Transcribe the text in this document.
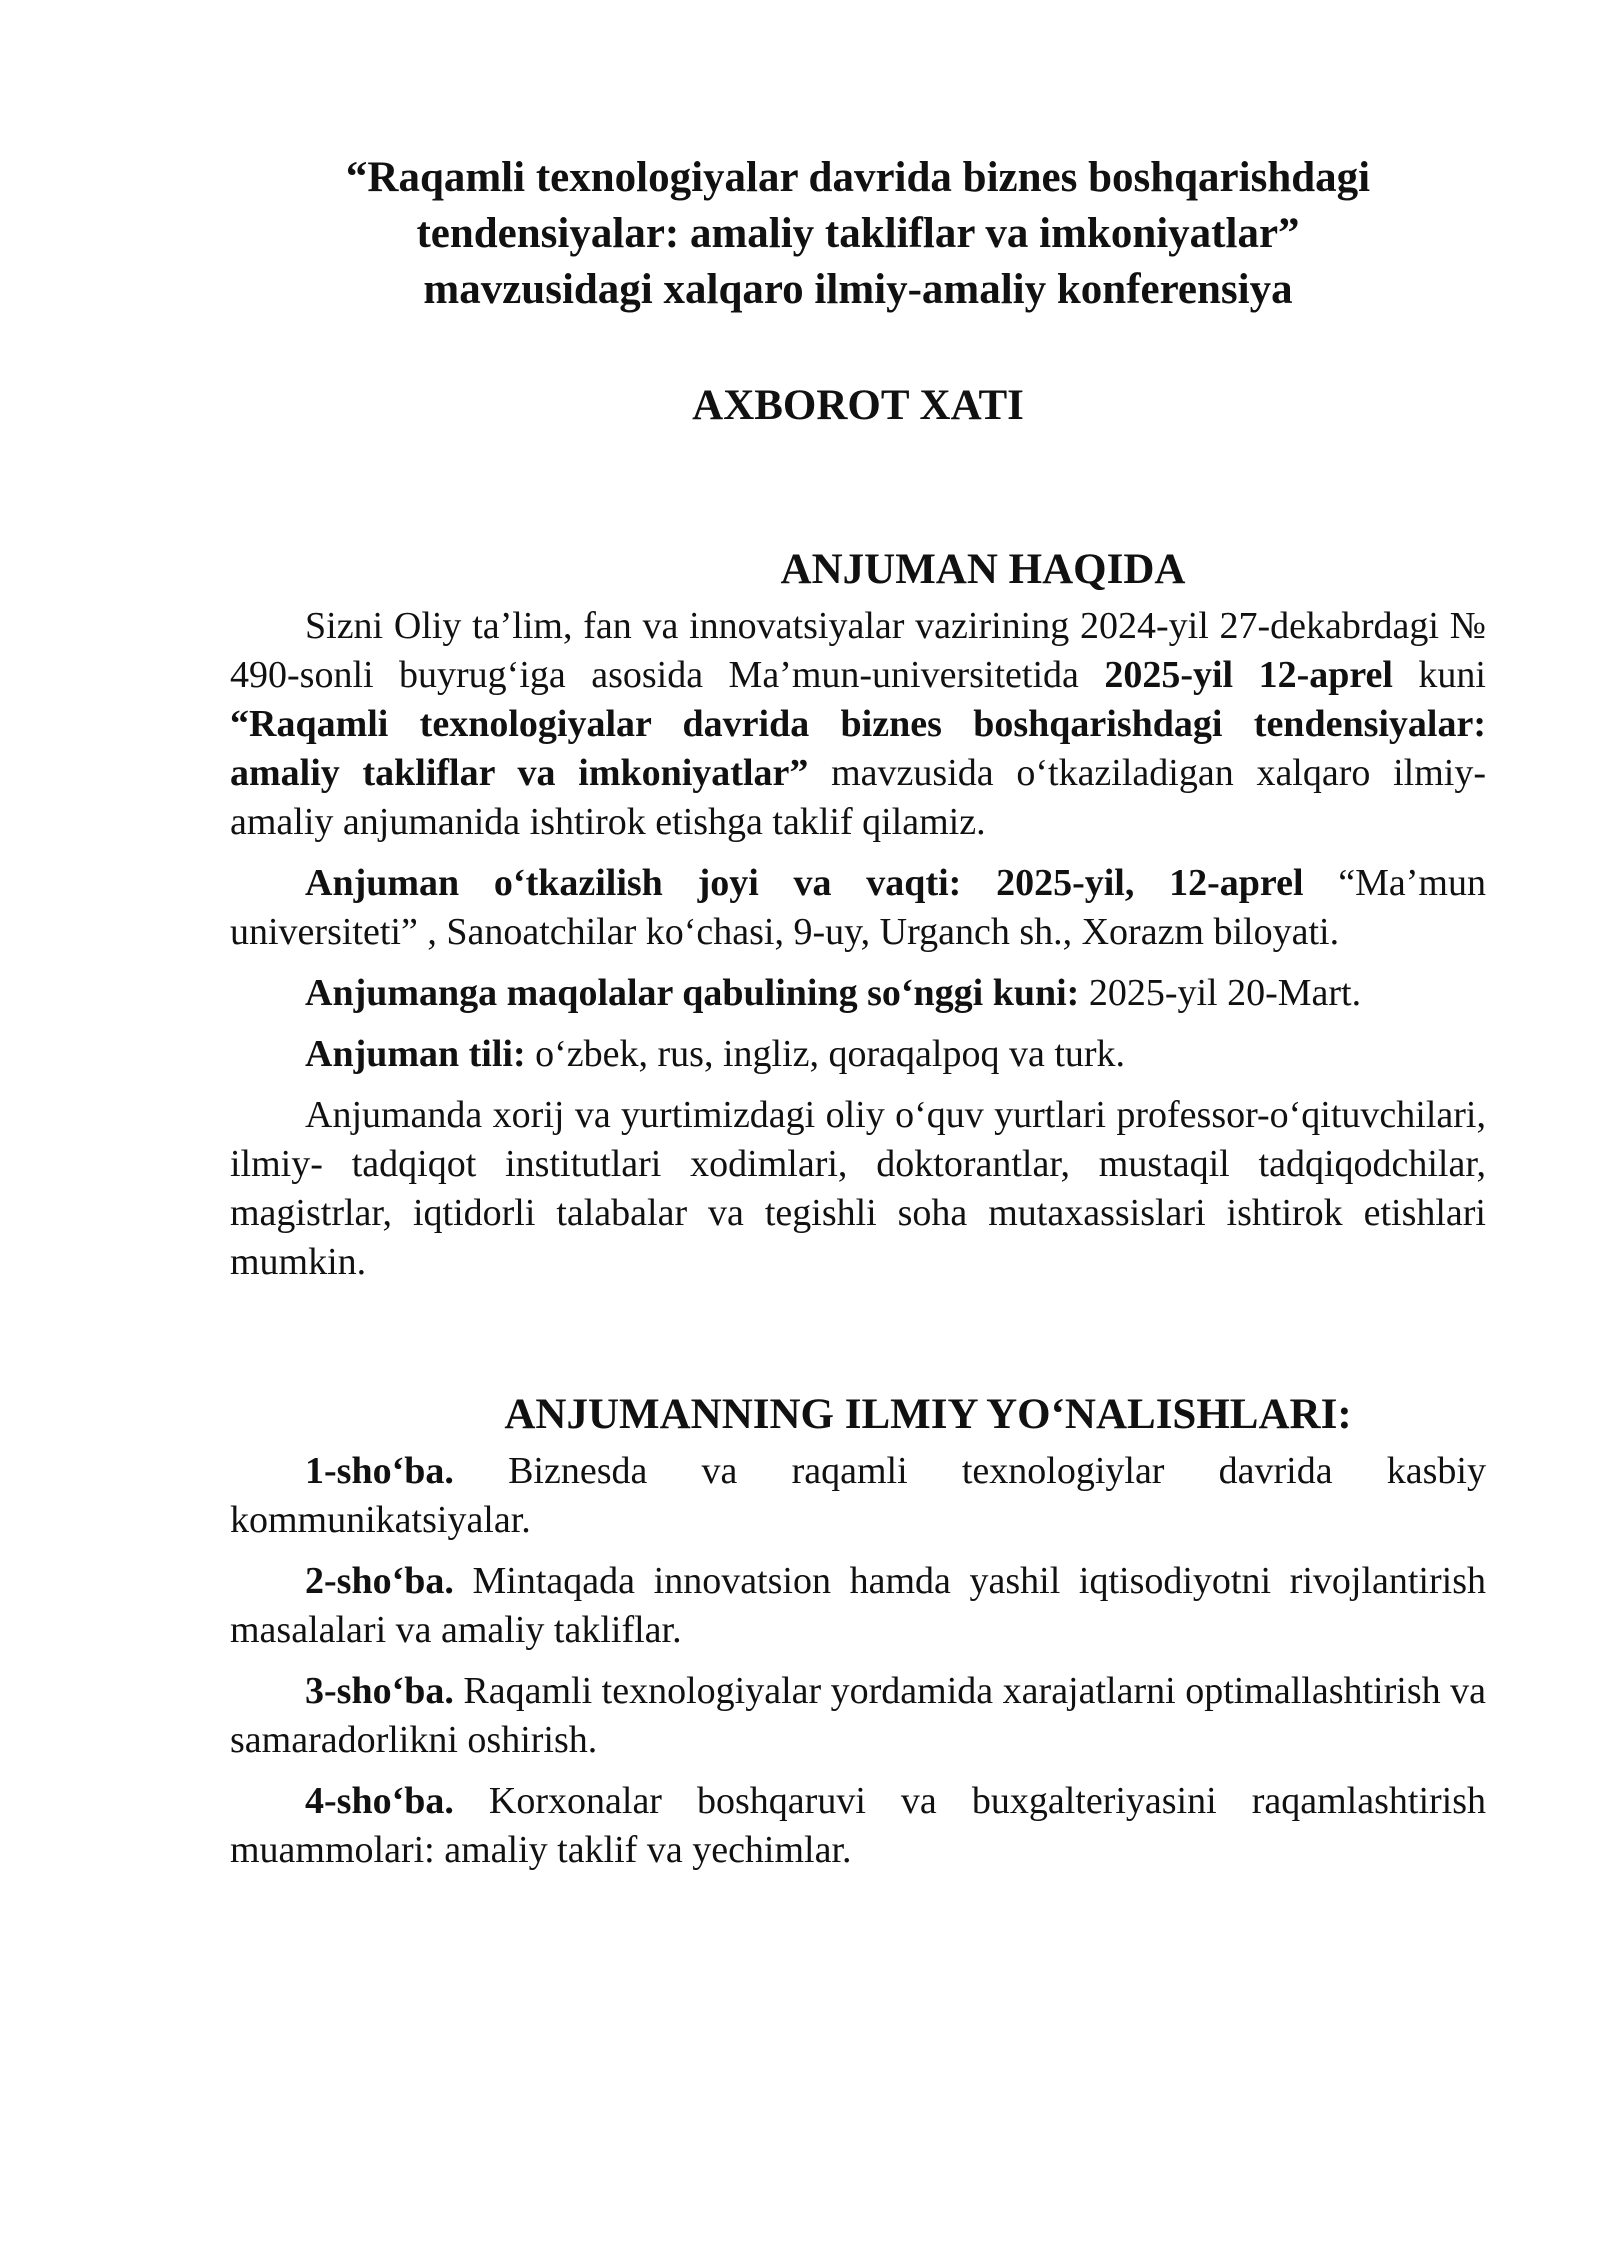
“Raqamli texnologiyalar davrida biznes boshqarishdagi
tendensiyalar: amaliy takliflar va imkoniyatlar”
mavzusidagi xalqaro ilmiy-amaliy konferensiya
AXBOROT XATI
ANJUMAN HAQIDA

Sizni Oliy ta’lim, fan va innovatsiyalar vazirining 2024-yil 27-dekabrdagi № 490-sonli buyrug‘iga asosida Ma’mun-universitetida 2025-yil 12-aprel kuni “Raqamli texnologiyalar davrida biznes boshqarishdagi tendensiyalar: amaliy takliflar va imkoniyatlar” mavzusida o‘tkaziladigan xalqaro ilmiy-amaliy anjumanida ishtirok etishga taklif qilamiz.

Anjuman o‘tkazilish joyi va vaqti: 2025-yil, 12-aprel “Ma’mun universiteti” , Sanoatchilar ko‘chasi, 9-uy, Urganch sh., Xorazm biloyati.

Anjumanga maqolalar qabulining so‘nggi kuni: 2025-yil 20-Mart.

Anjuman tili: o‘zbek, rus, ingliz, qoraqalpoq va turk.

Anjumanda xorij va yurtimizdagi oliy o‘quv yurtlari professor-o‘qituvchilari, ilmiy- tadqiqot institutlari xodimlari, doktorantlar, mustaqil tadqiqodchilar, magistrlar, iqtidorli talabalar va tegishli soha mutaxassislari ishtirok etishlari mumkin.

ANJUMANNING ILMIY YO‘NALISHLARI:

1-sho‘ba. Biznesda va raqamli texnologiylar davrida kasbiy kommunikatsiyalar.

2-sho‘ba. Mintaqada innovatsion hamda yashil iqtisodiyotni rivojlantirish masalalari va amaliy takliflar.

3-sho‘ba. Raqamli texnologiyalar yordamida xarajatlarni optimallashtirish va samaradorlikni oshirish.

4-sho‘ba. Korxonalar boshqaruvi va buxgalteriyasini raqamlashtirish muammolari: amaliy taklif va yechimlar.
